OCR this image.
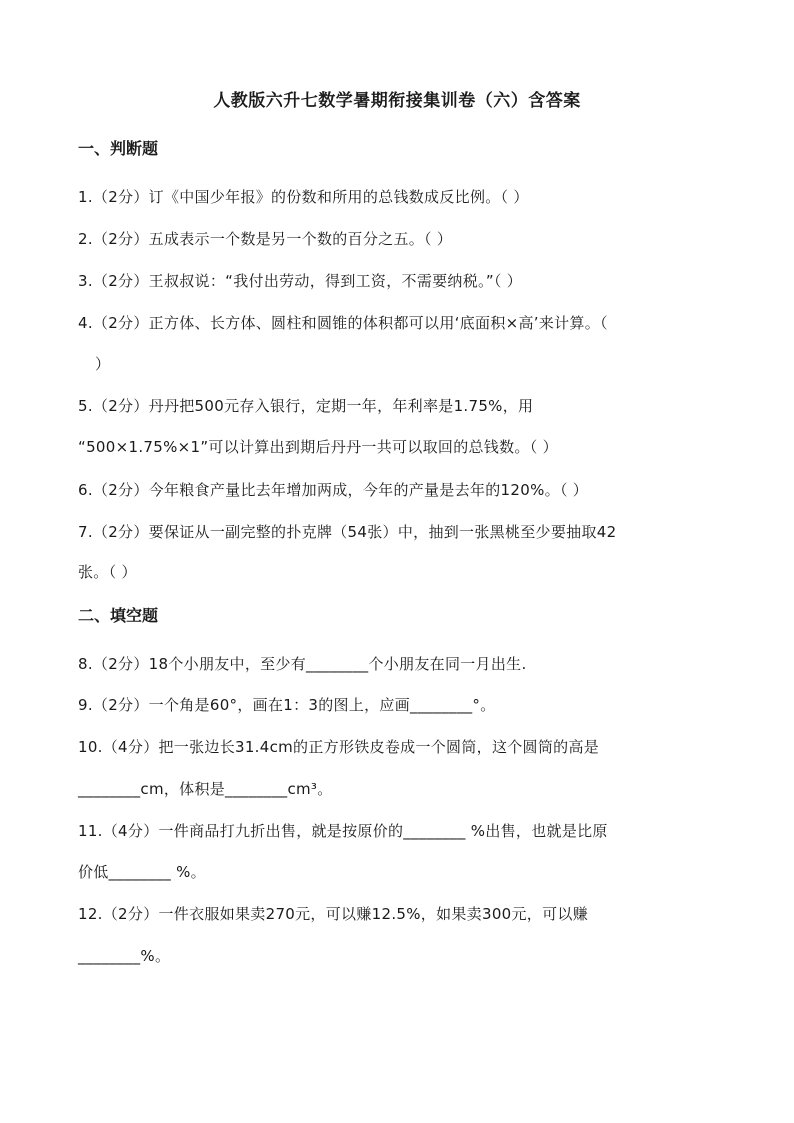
人教版六升七数学暑期衔接集训卷（六）含答案
一、判断题
1.（2分）订《中国少年报》的份数和所用的总钱数成反比例。（ ）
2.（2分）五成表示一个数是另一个数的百分之五。（ ）
3.（2分）王叔叔说：“我付出劳动，得到工资，不需要纳税。”（ ）
4.（2分）正方体、长方体、圆柱和圆锥的体积都可以用‘底面积×高’来计算。（
）
5.（2分）丹丹把500元存入银行，定期一年，年利率是1.75%，用
“500×1.75%×1”可以计算出到期后丹丹一共可以取回的总钱数。（ ）
6.（2分）今年粮食产量比去年增加两成，今年的产量是去年的120%。（ ）
7.（2分）要保证从一副完整的扑克牌（54张）中，抽到一张黑桃至少要抽取42
张。（ ）
二、填空题
8.（2分）18个小朋友中，至少有________个小朋友在同一月出生.
9.（2分）一个角是60°，画在1：3的图上，应画________°。
10.（4分）把一张边长31.4cm的正方形铁皮卷成一个圆筒，这个圆筒的高是
________cm，体积是________cm³。
11.（4分）一件商品打九折出售，就是按原价的________ %出售，也就是比原
价低________ %。
12.（2分）一件衣服如果卖270元，可以赚12.5%，如果卖300元，可以赚
________%。
